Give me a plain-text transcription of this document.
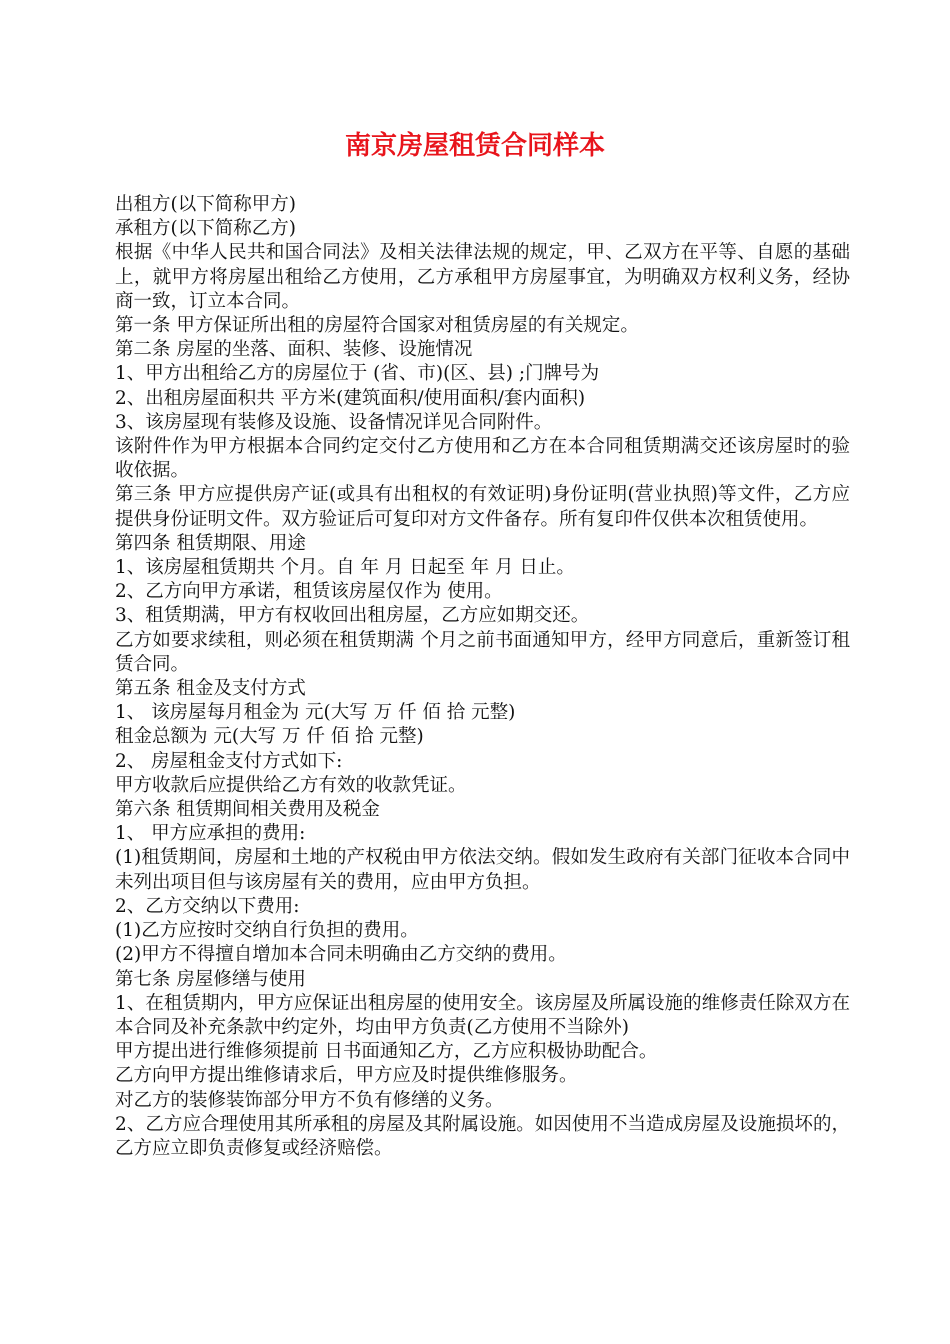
南京房屋租赁合同样本

出租方(以下简称甲方)

承租方(以下简称乙方)

根据《中华人民共和国合同法》及相关法律法规的规定，甲、乙双方在平等、自愿的基础上，就甲方将房屋出租给乙方使用，乙方承租甲方房屋事宜，为明确双方权利义务，经协商一致，订立本合同。

第一条 甲方保证所出租的房屋符合国家对租赁房屋的有关规定。

第二条 房屋的坐落、面积、装修、设施情况

1、甲方出租给乙方的房屋位于 (省、市)(区、县) ;门牌号为

2、出租房屋面积共 平方米(建筑面积/使用面积/套内面积)

3、该房屋现有装修及设施、设备情况详见合同附件。

该附件作为甲方根据本合同约定交付乙方使用和乙方在本合同租赁期满交还该房屋时的验收依据。

第三条 甲方应提供房产证(或具有出租权的有效证明)身份证明(营业执照)等文件，乙方应提供身份证明文件。双方验证后可复印对方文件备存。所有复印件仅供本次租赁使用。

第四条 租赁期限、用途

1、该房屋租赁期共 个月。自 年 月 日起至 年 月 日止。

2、乙方向甲方承诺，租赁该房屋仅作为 使用。

3、租赁期满，甲方有权收回出租房屋，乙方应如期交还。

乙方如要求续租，则必须在租赁期满 个月之前书面通知甲方，经甲方同意后，重新签订租赁合同。

第五条 租金及支付方式

1、 该房屋每月租金为 元(大写 万 仟 佰 拾 元整)

租金总额为 元(大写 万 仟 佰 拾 元整)

2、 房屋租金支付方式如下:

甲方收款后应提供给乙方有效的收款凭证。

第六条 租赁期间相关费用及税金

1、 甲方应承担的费用:

(1)租赁期间，房屋和土地的产权税由甲方依法交纳。假如发生政府有关部门征收本合同中未列出项目但与该房屋有关的费用，应由甲方负担。

2、乙方交纳以下费用:

(1)乙方应按时交纳自行负担的费用。

(2)甲方不得擅自增加本合同未明确由乙方交纳的费用。

第七条 房屋修缮与使用

1、在租赁期内，甲方应保证出租房屋的使用安全。该房屋及所属设施的维修责任除双方在本合同及补充条款中约定外，均由甲方负责(乙方使用不当除外)

甲方提出进行维修须提前 日书面通知乙方，乙方应积极协助配合。

乙方向甲方提出维修请求后，甲方应及时提供维修服务。

对乙方的装修装饰部分甲方不负有修缮的义务。

2、乙方应合理使用其所承租的房屋及其附属设施。如因使用不当造成房屋及设施损坏的，乙方应立即负责修复或经济赔偿。
